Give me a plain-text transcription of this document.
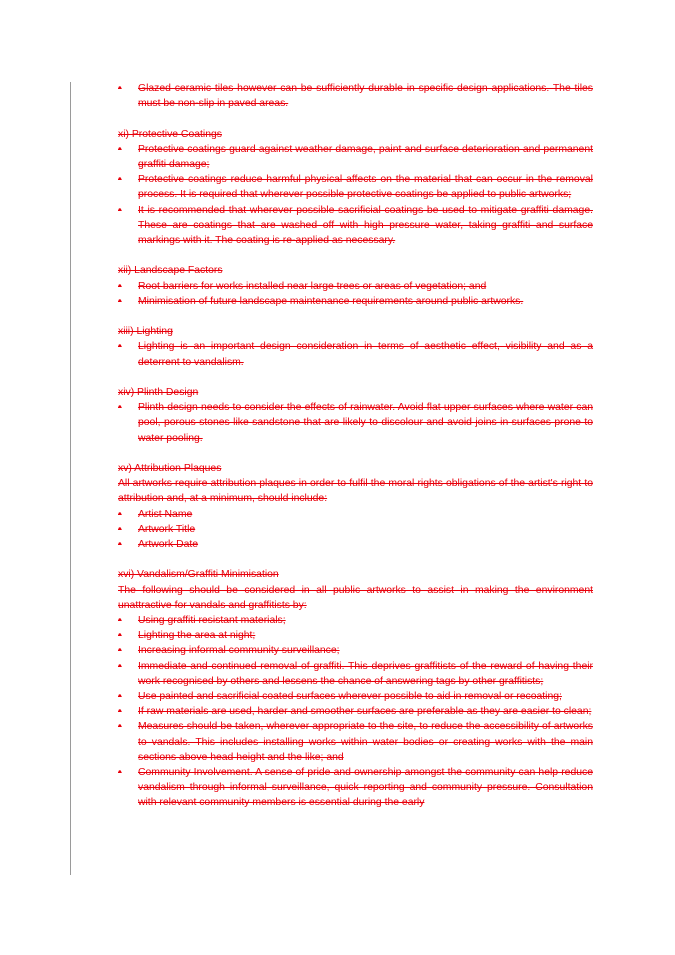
•	Glazed ceramic tiles however can be sufficiently durable in specific design applications. The tiles must be non-slip in paved areas.

xi) Protective Coatings

•	Protective coatings guard against weather damage, paint and surface deterioration and permanent graffiti damage;
•	Protective coatings reduce harmful physical affects on the material that can occur in the removal process. It is required that wherever possible protective coatings be applied to public artworks;
•	It is recommended that wherever possible sacrificial coatings be used to mitigate graffiti damage. These are coatings that are washed off with high pressure water, taking graffiti and surface markings with it. The coating is re-applied as necessary.

xii) Landscape Factors

•	Root barriers for works installed near large trees or areas of vegetation; and
•	Minimisation of future landscape maintenance requirements around public artworks.

xiii) Lighting

•	Lighting is an important design consideration in terms of aesthetic effect, visibility and as a deterrent to vandalism.

xiv) Plinth Design

•	Plinth design needs to consider the effects of rainwater. Avoid flat upper surfaces where water can pool, porous stones like sandstone that are likely to discolour and avoid joins in surfaces prone to water pooling.

xv) Attribution Plaques

All artworks require attribution plaques in order to fulfil the moral rights obligations of the artist's right to attribution and, at a minimum, should include:

•	Artist Name
•	Artwork Title
•	Artwork Date

xvi) Vandalism/Graffiti Minimisation

The following should be considered in all public artworks to assist in making the environment unattractive for vandals and graffitists by:

•	Using graffiti resistant materials;
•	Lighting the area at night;
•	Increasing informal community surveillance;
•	Immediate and continued removal of graffiti. This deprives graffitists of the reward of having their work recognised by others and lessens the chance of answering tags by other graffitists;
•	Use painted and sacrificial coated surfaces wherever possible to aid in removal or recoating;
•	If raw materials are used, harder and smoother surfaces are preferable as they are easier to clean;
•	Measures should be taken, wherever appropriate to the site, to reduce the accessibility of artworks to vandals. This includes installing works within water bodies or creating works with the main sections above head height and the like; and
•	Community Involvement. A sense of pride and ownership amongst the community can help reduce vandalism through informal surveillance, quick reporting and community pressure. Consultation with relevant community members is essential during the early
